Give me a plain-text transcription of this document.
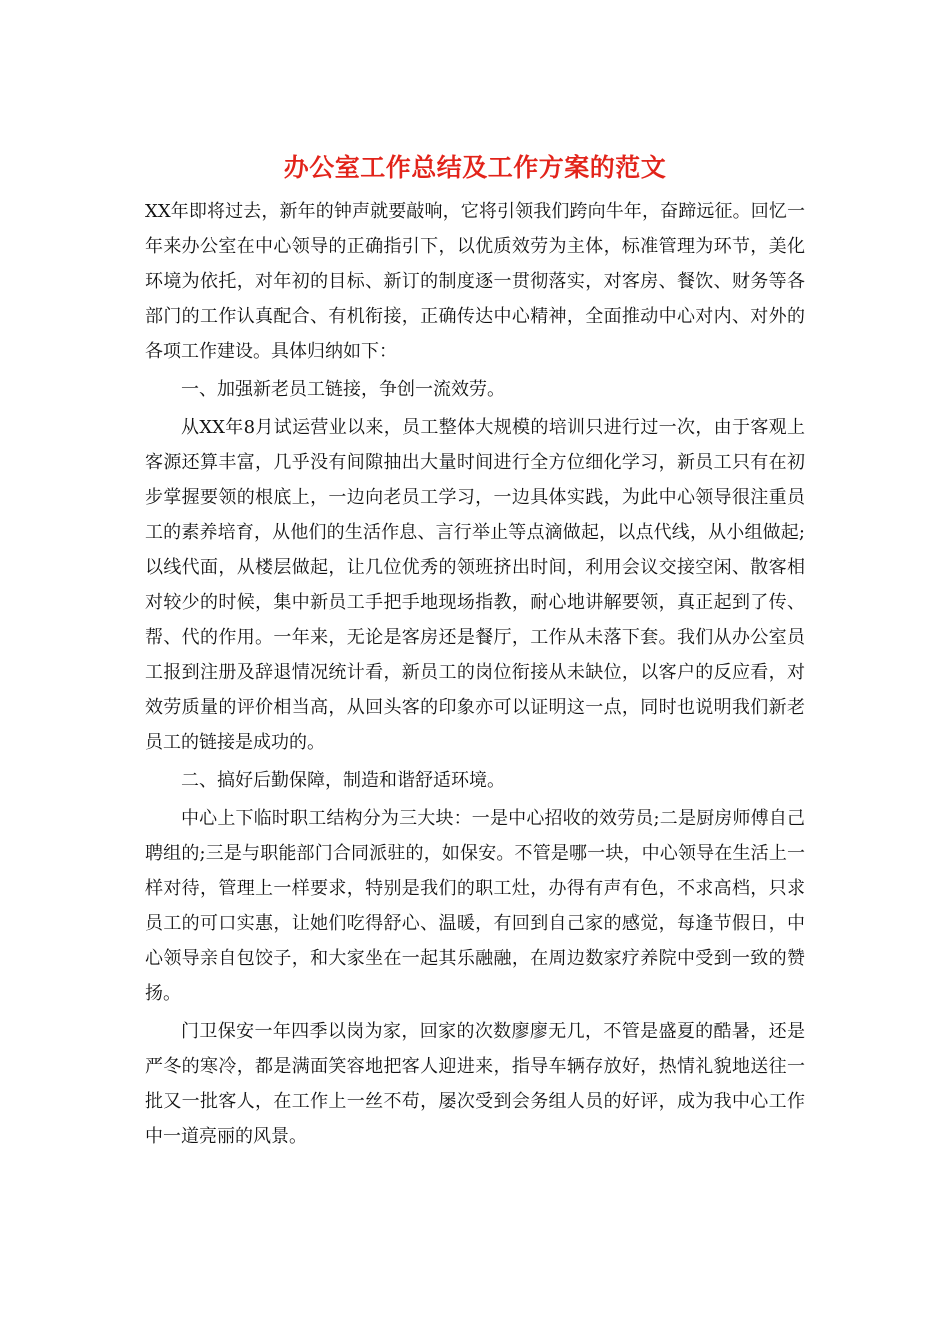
办公室工作总结及工作方案的范文

XX年即将过去，新年的钟声就要敲响，它将引领我们跨向牛年，奋蹄远征。回忆一年来办公室在中心领导的正确指引下，以优质效劳为主体，标准管理为环节，美化环境为依托，对年初的目标、新订的制度逐一贯彻落实，对客房、餐饮、财务等各部门的工作认真配合、有机衔接，正确传达中心精神，全面推动中心对内、对外的各项工作建设。具体归纳如下：

一、加强新老员工链接，争创一流效劳。

从XX年8月试运营业以来，员工整体大规模的培训只进行过一次，由于客观上客源还算丰富，几乎没有间隙抽出大量时间进行全方位细化学习，新员工只有在初步掌握要领的根底上，一边向老员工学习，一边具体实践，为此中心领导很注重员工的素养培育，从他们的生活作息、言行举止等点滴做起，以点代线，从小组做起;以线代面，从楼层做起，让几位优秀的领班挤出时间，利用会议交接空闲、散客相对较少的时候，集中新员工手把手地现场指教，耐心地讲解要领，真正起到了传、帮、代的作用。一年来，无论是客房还是餐厅，工作从未落下套。我们从办公室员工报到注册及辞退情况统计看，新员工的岗位衔接从未缺位，以客户的反应看，对效劳质量的评价相当高，从回头客的印象亦可以证明这一点，同时也说明我们新老员工的链接是成功的。

二、搞好后勤保障，制造和谐舒适环境。

中心上下临时职工结构分为三大块：一是中心招收的效劳员;二是厨房师傅自己聘组的;三是与职能部门合同派驻的，如保安。不管是哪一块，中心领导在生活上一样对待，管理上一样要求，特别是我们的职工灶，办得有声有色，不求高档，只求员工的可口实惠，让她们吃得舒心、温暖，有回到自己家的感觉，每逢节假日，中心领导亲自包饺子，和大家坐在一起其乐融融，在周边数家疗养院中受到一致的赞扬。

门卫保安一年四季以岗为家，回家的次数廖廖无几，不管是盛夏的酷暑，还是严冬的寒冷，都是满面笑容地把客人迎进来，指导车辆存放好，热情礼貌地送往一批又一批客人，在工作上一丝不苟，屡次受到会务组人员的好评，成为我中心工作中一道亮丽的风景。
